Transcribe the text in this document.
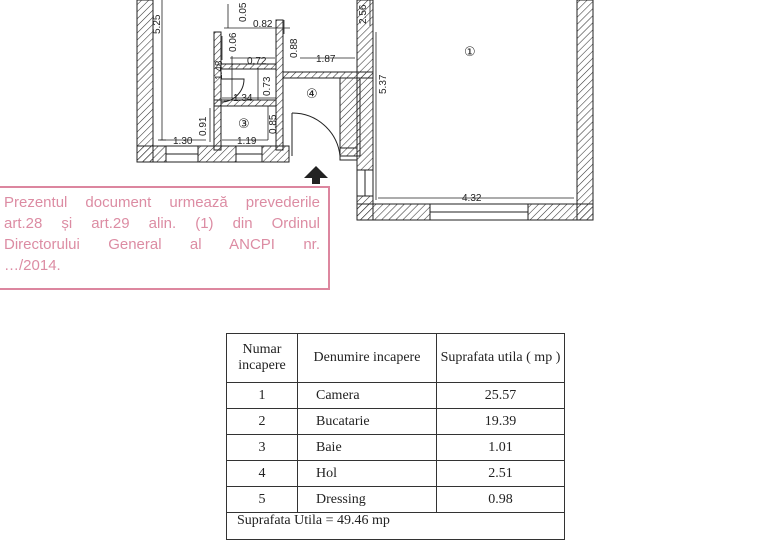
5.25
0.05
0.82
2.56
0.06
0.72
0.88
1.87
1.48
0.73	5.37
1.34
0.91	0.85
1.30	1.19
4.32
①
③
④
Prezentul document urmează prevederile
art.28 și art.29 alin. (1) din Ordinul
Directorului General al ANCPI nr.
…/2014.
Numar incapere	Denumire incapere	Suprafata utila ( mp )
1	Camera	25.57
2	Bucatarie	19.39
3	Baie	1.01
4	Hol	2.51
5	Dressing	0.98
Suprafata Utila = 49.46 mp		
